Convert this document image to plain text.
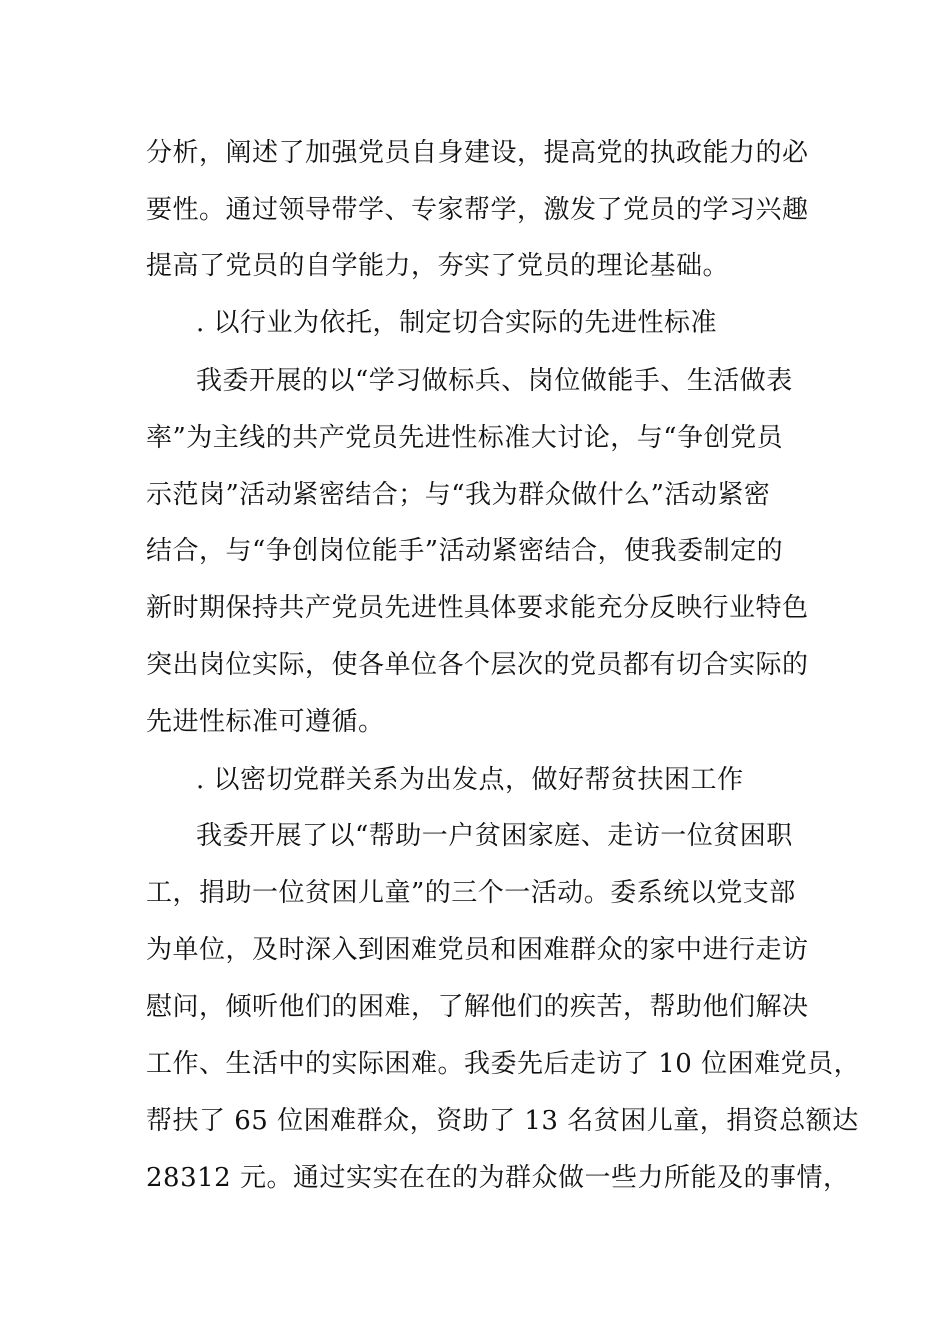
分析，阐述了加强党员自身建设，提高党的执政能力的必
要性。通过领导带学、专家帮学，激发了党员的学习兴趣
提高了党员的自学能力，夯实了党员的理论基础。
. 以行业为依托，制定切合实际的先进性标准
我委开展的以“学习做标兵、岗位做能手、生活做表
率”为主线的共产党员先进性标准大讨论，与“争创党员
示范岗”活动紧密结合；与“我为群众做什么”活动紧密
结合，与“争创岗位能手”活动紧密结合，使我委制定的
新时期保持共产党员先进性具体要求能充分反映行业特色
突出岗位实际，使各单位各个层次的党员都有切合实际的
先进性标准可遵循。
. 以密切党群关系为出发点，做好帮贫扶困工作
我委开展了以“帮助一户贫困家庭、走访一位贫困职
工，捐助一位贫困儿童”的三个一活动。委系统以党支部
为单位，及时深入到困难党员和困难群众的家中进行走访
慰问，倾听他们的困难，了解他们的疾苦，帮助他们解决
工作、生活中的实际困难。我委先后走访了 10 位困难党员，
帮扶了 65 位困难群众，资助了 13 名贫困儿童，捐资总额达
28312 元。通过实实在在的为群众做一些力所能及的事情，
